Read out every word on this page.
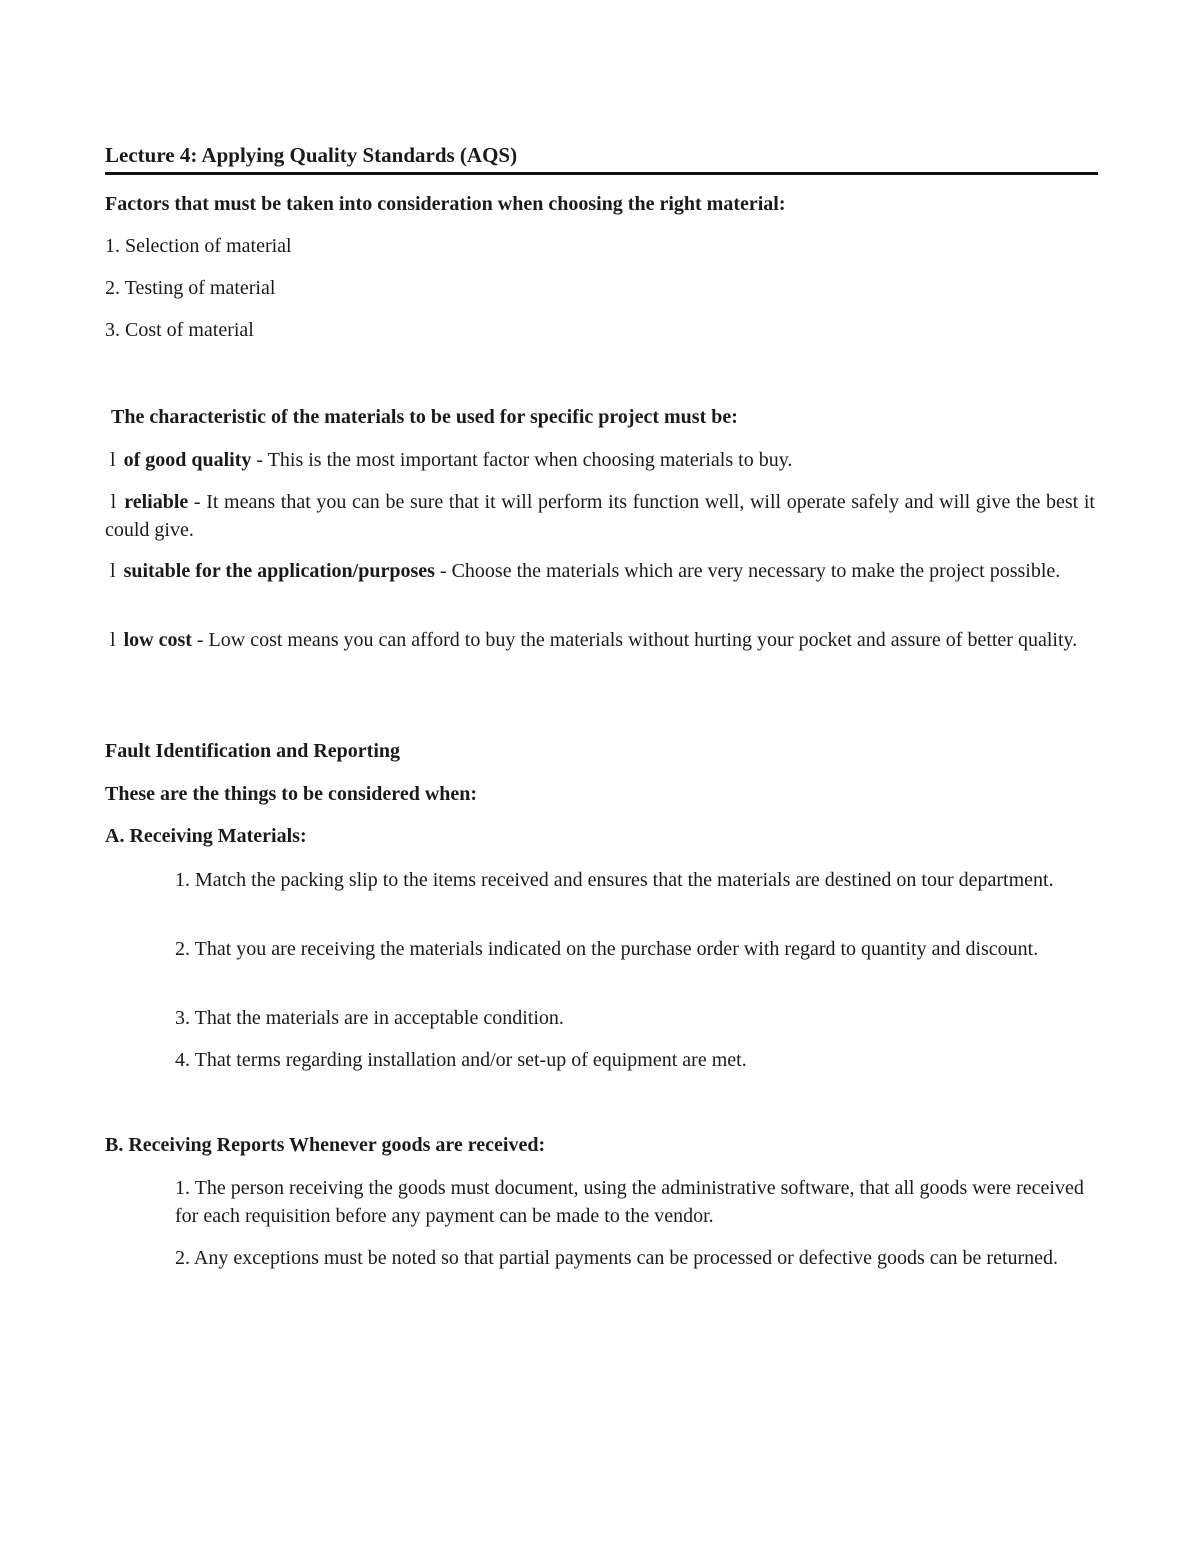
Lecture 4: Applying Quality Standards (AQS)
Factors that must be taken into consideration when choosing the right material:
1. Selection of material
2. Testing of material
3. Cost of material
The characteristic of the materials to be used for specific project must be:
l of good quality - This is the most important factor when choosing materials to buy.
l reliable - It means that you can be sure that it will perform its function well, will operate safely and will give the best it could give.
l suitable for the application/purposes - Choose the materials which are very necessary to make the project possible.
l low cost - Low cost means you can afford to buy the materials without hurting your pocket and assure of better quality.
Fault Identification and Reporting
These are the things to be considered when:
A. Receiving Materials:
1. Match the packing slip to the items received and ensures that the materials are destined on tour department.
2. That you are receiving the materials indicated on the purchase order with regard to quantity and discount.
3. That the materials are in acceptable condition.
4. That terms regarding installation and/or set-up of equipment are met.
B. Receiving Reports Whenever goods are received:
1. The person receiving the goods must document, using the administrative software, that all goods were received for each requisition before any payment can be made to the vendor.
2. Any exceptions must be noted so that partial payments can be processed or defective goods can be returned.
